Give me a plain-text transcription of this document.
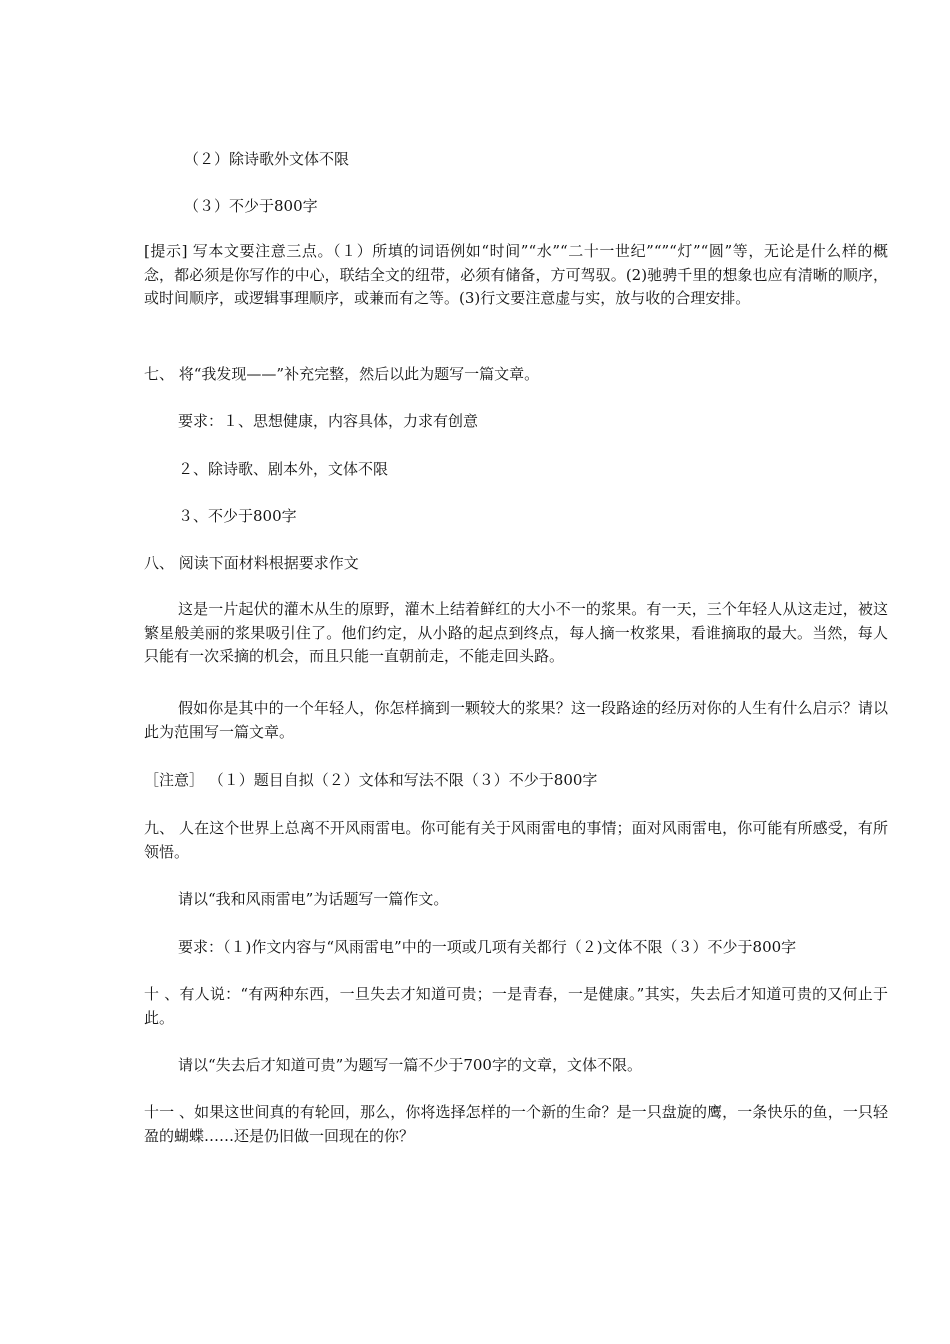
（２）除诗歌外文体不限
（３）不少于800字
[提示] 写本文要注意三点。（１）所填的词语例如“时间”“水”“二十一世纪”“”“灯”“圆”等，无论是什么样的概念，都必须是你写作的中心，联结全文的纽带，必须有储备，方可驾驭。(2)驰骋千里的想象也应有清晰的顺序，或时间顺序，或逻辑事理顺序，或兼而有之等。(3)行文要注意虚与实，放与收的合理安排。
七、 将“我发现——”补充完整，然后以此为题写一篇文章。
要求：１、思想健康，内容具体，力求有创意
２、除诗歌、剧本外，文体不限
３、不少于800字
八、 阅读下面材料根据要求作文
这是一片起伏的灌木从生的原野，灌木上结着鲜红的大小不一的浆果。有一天，三个年轻人从这走过，被这繁星般美丽的浆果吸引住了。他们约定，从小路的起点到终点，每人摘一枚浆果，看谁摘取的最大。当然，每人只能有一次采摘的机会，而且只能一直朝前走，不能走回头路。
假如你是其中的一个年轻人，你怎样摘到一颗较大的浆果？这一段路途的经历对你的人生有什么启示？请以此为范围写一篇文章。
［注意］ （１）题目自拟（２）文体和写法不限（３）不少于800字
九、 人在这个世界上总离不开风雨雷电。你可能有关于风雨雷电的事情；面对风雨雷电，你可能有所感受，有所领悟。
请以“我和风雨雷电”为话题写一篇作文。
要求：（１)作文内容与“风雨雷电”中的一项或几项有关都行（２)文体不限（３）不少于800字
十 、有人说：“有两种东西，一旦失去才知道可贵；一是青春，一是健康。”其实，失去后才知道可贵的又何止于此。
请以“失去后才知道可贵”为题写一篇不少于700字的文章，文体不限。
十一 、如果这世间真的有轮回，那么，你将选择怎样的一个新的生命？是一只盘旋的鹰，一条快乐的鱼，一只轻盈的蝴蝶……还是仍旧做一回现在的你？
